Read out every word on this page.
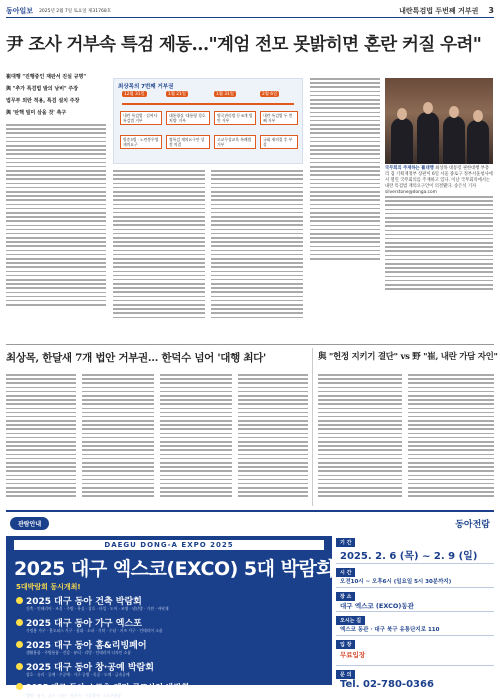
동아일보 2025년 2월 7일 토요일 제31768호	내란특검법 두번째 거부권 3
尹 조사 거부속 특검 제동…"계엄 전모 못밝히면 혼란 커질 우려"
崔대행 "진행중인 재판서 진실 규명"
與 "추가 특검법 발의 낭비" 주장
법무부 외란 적용, 특검 설치 주장
與 '탄핵 빌미 삼을 것' 촉구
최상목의 7번째 거부권
12월 31일	1월 21일	1월 31일	2월 6일
내란 특검법 · 김여사 특검법 거부
대통령실 '대통령 경호처법' 거부
양곡관리법 등 6개 법안 거부
내란 특검법 두 번째 거부
방송3법 · 노란봉투법 재의요구
쌍특검 재의요구안 상정 의결
고교무상교육 특례법 거부
국회 재의결 후 부결
국무회의 주재하는 崔대행 최상목 대통령 권한대행 부총리 겸 기획재정부 장관이 6일 서울 종로구 정부서울청사에서 열린 국무회의를 주재하고 있다. 이날 국무회의에서는 내란 특검법 재의요구안이 의결됐다. 송은석 기자 silverstone@donga.com
최상목, 한달새 7개 법안 거부권… 한덕수 넘어 '대행 최다'	與 "헌정 지키기 결단" vs 野 "崔, 내란 가담 자인"
관람안내	동아전람
DAEGU DONG-A EXPO 2025
2025 대구 엑스코(EXCO) 5대 박람회
5대박람회 동시개최!
2025 대구 동아 건축 박람회
건축 · 인테리어 · 조경 · 주방 · 욕실 · 창호 · 타일 · 도어 · 조명 · 냉난방 · 가전 · 바닥재
2025 대구 동아 가구 엑스포
가정용 가구 · 홈오피스 가구 · 침대 · 소파 · 식탁 · 수납 · 키즈 가구 · 인테리어 소품
2025 대구 동아 홈&리빙페어
생활용품 · 주방용품 · 건강 · 뷰티 · 리빙 · 인테리어 디자인 소품
2025 대구 동아 창·공예 박람회
창호 · 유리 · 공예 · 수공예 · 가구 공방 · 목공 · 도예 · 금속공예
2025 대구 동아 스포츠·레저·골프산업 박람회
캠핑 · 낚시 · 골프 · 등산 · 자전거 · 수상레저 · 스포츠용품
기 간
2025. 2. 6 (목) ~ 2. 9 (일)
시 간
오전10시 ~ 오후6시 (일요일 5시 30분까지)
장 소
대구 엑스코 (EXCO)동관
오시는 길
엑스코 동관 · 대구 북구 유통단지로 110
입 장
무료입장
문 의
Tel. 02-780-0366
